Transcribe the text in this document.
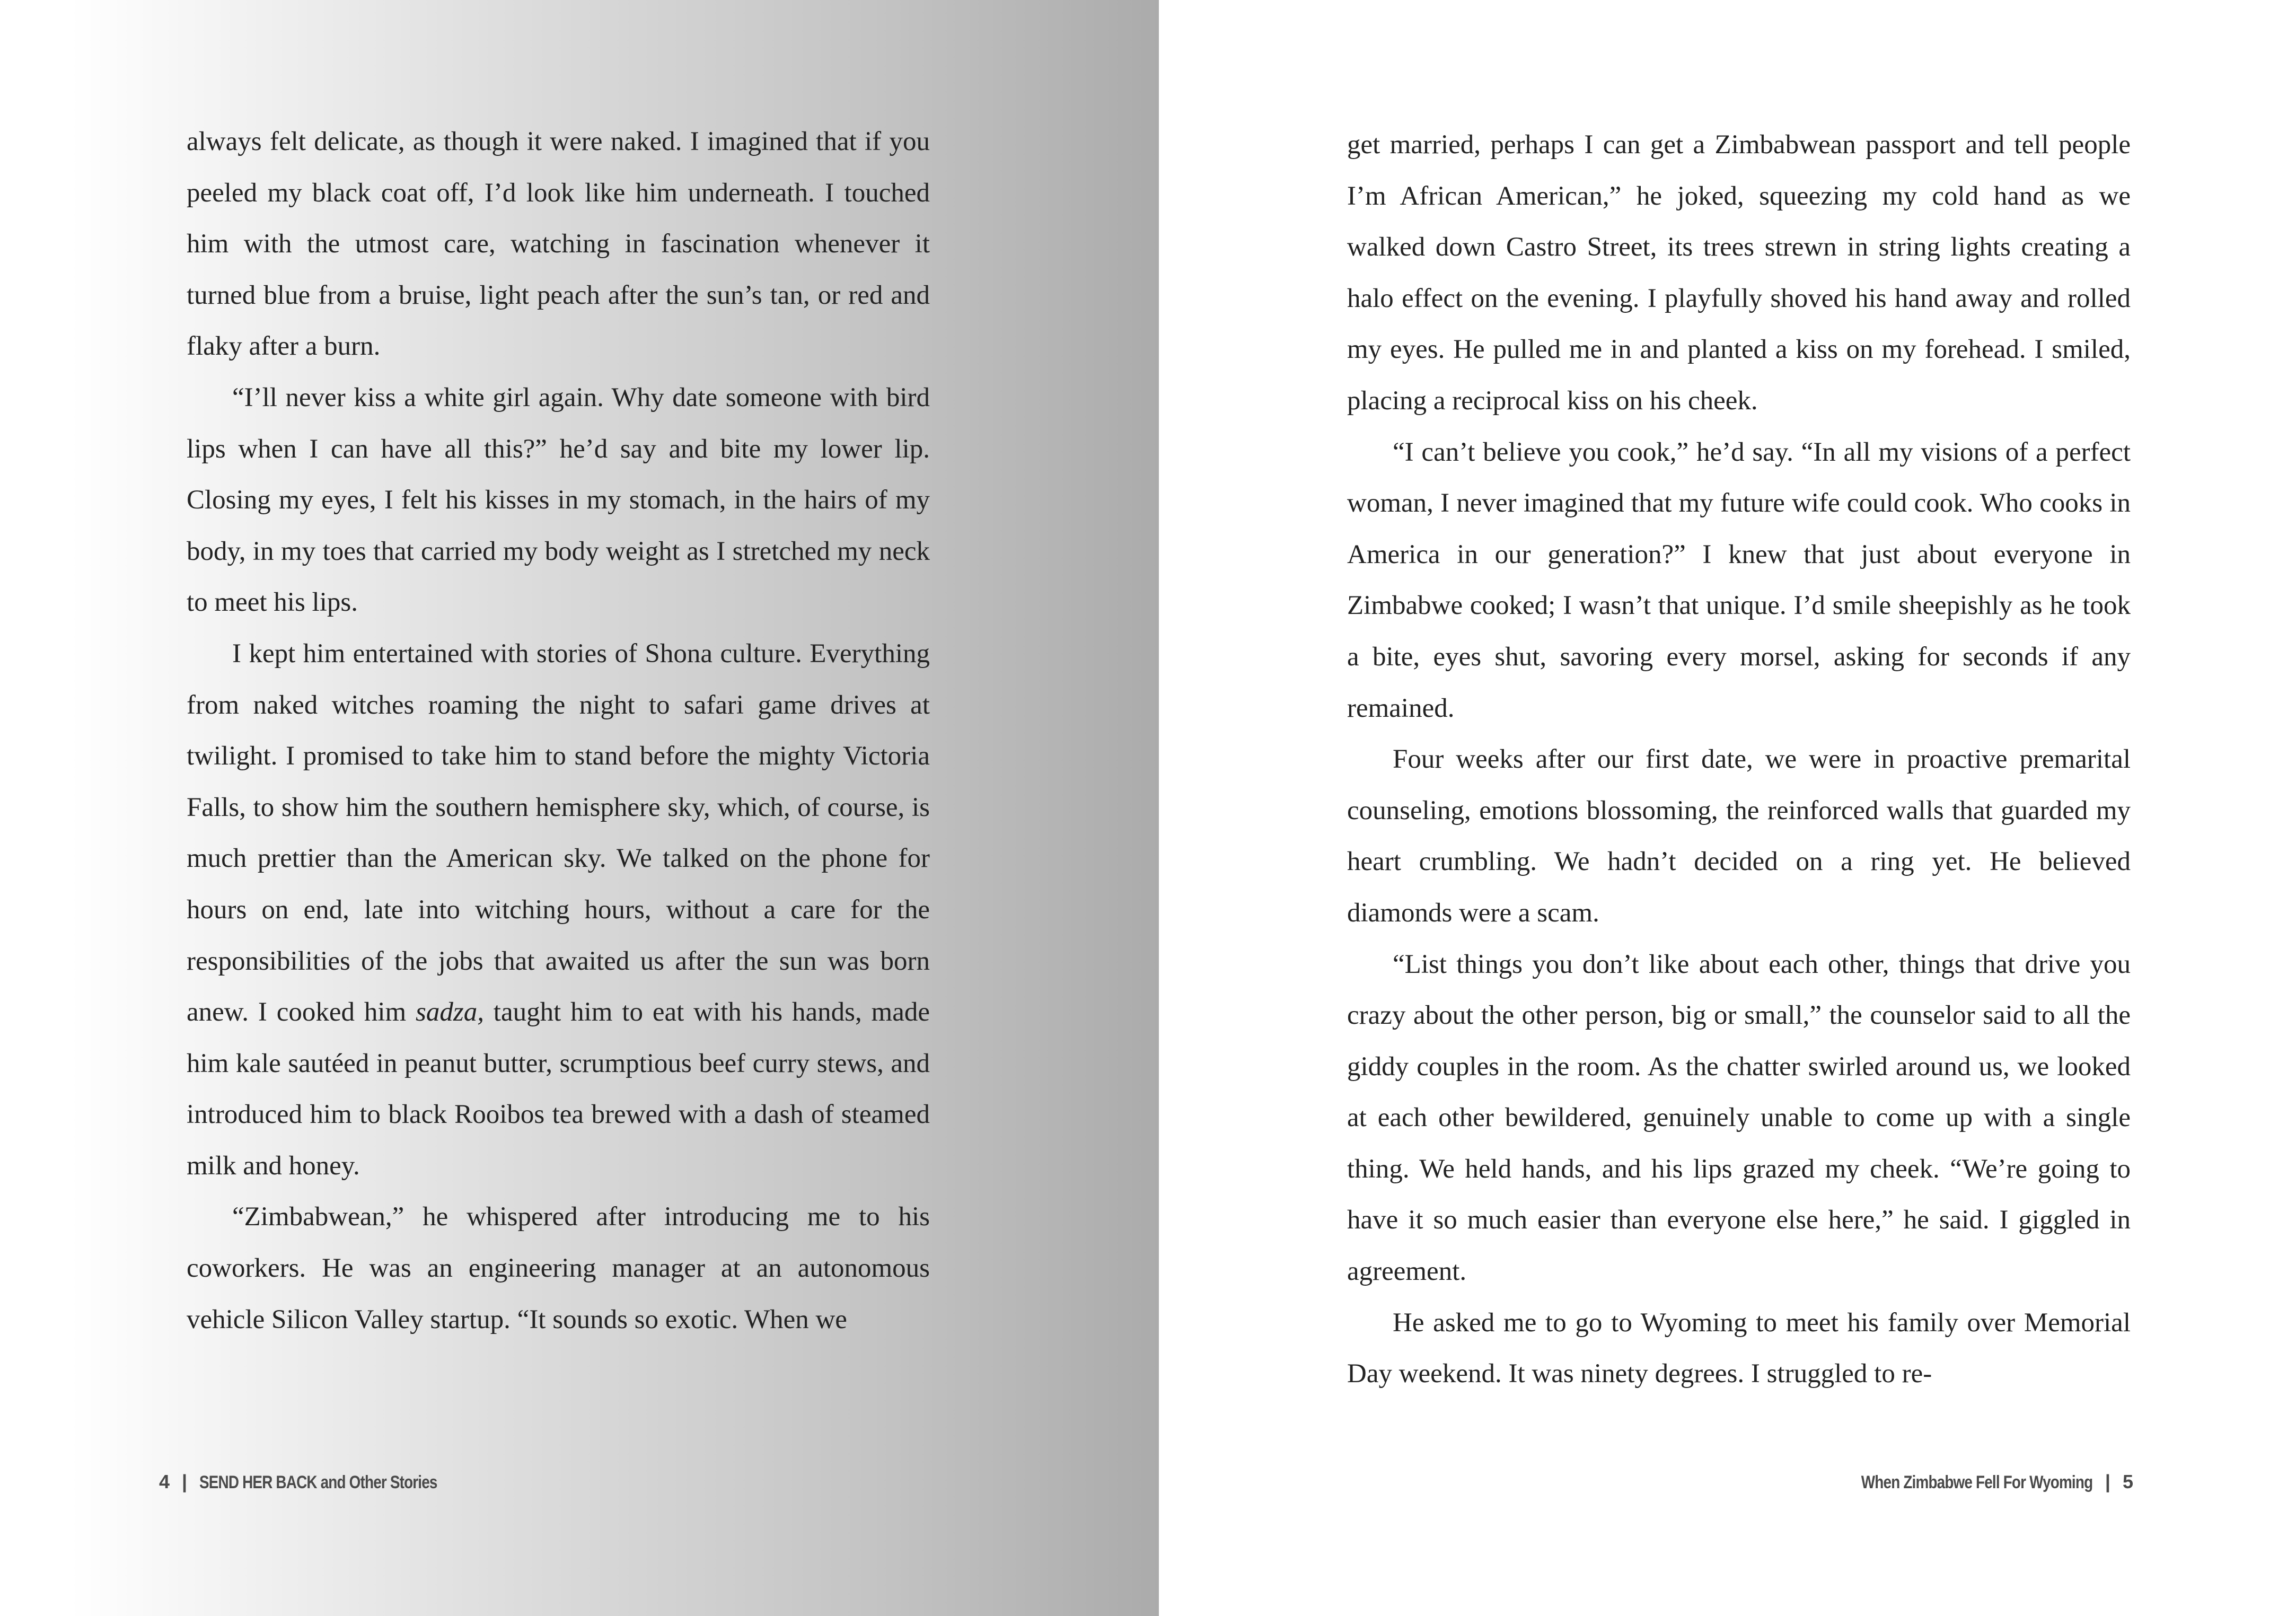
always felt delicate, as though it were naked. I imagined that if you peeled my black coat off, I’d look like him underneath. I touched him with the utmost care, watching in fascination whenever it turned blue from a bruise, light peach after the sun’s tan, or red and flaky after a burn.

“I’ll never kiss a white girl again. Why date someone with bird lips when I can have all this?” he’d say and bite my lower lip. Closing my eyes, I felt his kisses in my stomach, in the hairs of my body, in my toes that carried my body weight as I stretched my neck to meet his lips.

I kept him entertained with stories of Shona culture. Everything from naked witches roaming the night to safari game drives at twilight. I promised to take him to stand before the mighty Victoria Falls, to show him the southern hemisphere sky, which, of course, is much prettier than the American sky. We talked on the phone for hours on end, late into witching hours, without a care for the responsibilities of the jobs that awaited us after the sun was born anew. I cooked him sadza, taught him to eat with his hands, made him kale sautéed in peanut butter, scrumptious beef curry stews, and introduced him to black Rooibos tea brewed with a dash of steamed milk and honey.

“Zimbabwean,” he whispered after introducing me to his coworkers. He was an engineering manager at an autonomous vehicle Silicon Valley startup. “It sounds so exotic. When we

4 | SEND HER BACK and Other Stories

get married, perhaps I can get a Zimbabwean passport and tell people I’m African American,” he joked, squeezing my cold hand as we walked down Castro Street, its trees strewn in string lights creating a halo effect on the evening. I playfully shoved his hand away and rolled my eyes. He pulled me in and planted a kiss on my forehead. I smiled, placing a reciprocal kiss on his cheek.

“I can’t believe you cook,” he’d say. “In all my visions of a perfect woman, I never imagined that my future wife could cook. Who cooks in America in our generation?” I knew that just about everyone in Zimbabwe cooked; I wasn’t that unique. I’d smile sheepishly as he took a bite, eyes shut, savoring every morsel, asking for seconds if any remained.

Four weeks after our first date, we were in proactive premarital counseling, emotions blossoming, the reinforced walls that guarded my heart crumbling. We hadn’t decided on a ring yet. He believed diamonds were a scam.

“List things you don’t like about each other, things that drive you crazy about the other person, big or small,” the counselor said to all the giddy couples in the room. As the chatter swirled around us, we looked at each other bewildered, genuinely unable to come up with a single thing. We held hands, and his lips grazed my cheek. “We’re going to have it so much easier than everyone else here,” he said. I giggled in agreement.

He asked me to go to Wyoming to meet his family over Memorial Day weekend. It was ninety degrees. I struggled to re-

When Zimbabwe Fell For Wyoming | 5
